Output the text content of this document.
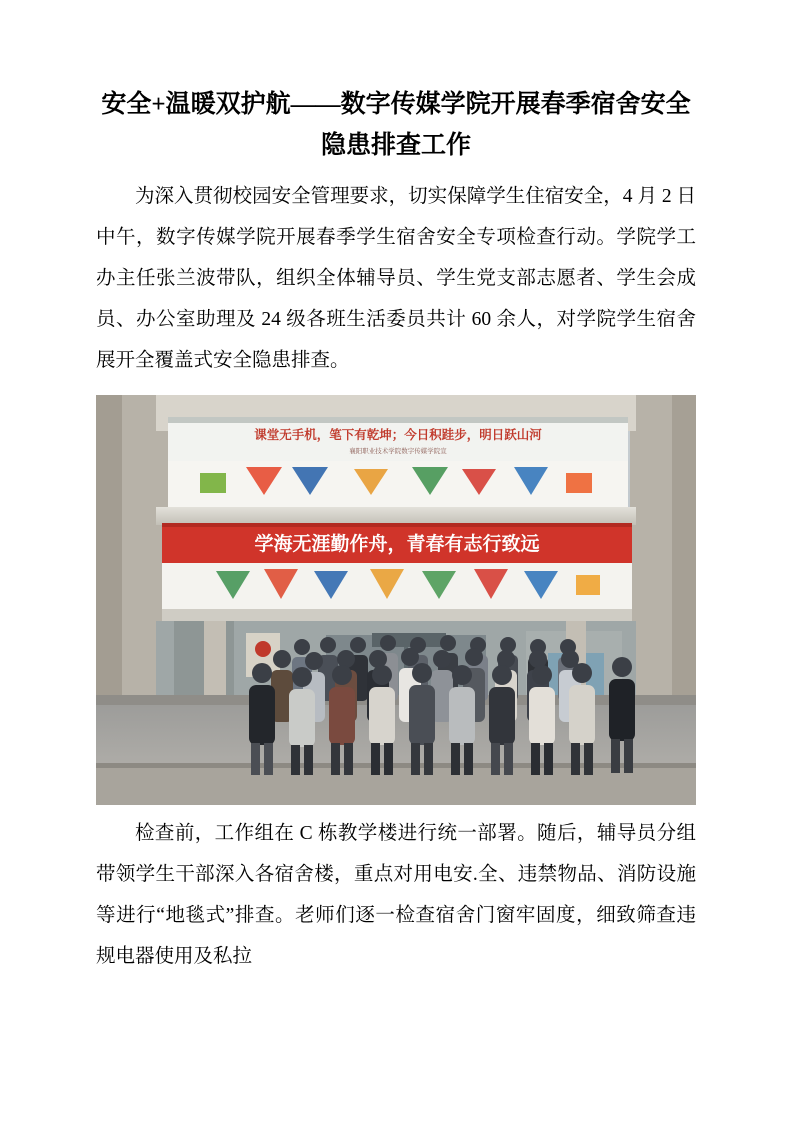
安全+温暖双护航——数字传媒学院开展春季宿舍安全隐患排查工作

为深入贯彻校园安全管理要求，切实保障学生住宿安全，4 月 2 日中午，数字传媒学院开展春季学生宿舍安全专项检查行动。学院学工办主任张兰波带队，组织全体辅导员、学生党支部志愿者、学生会成员、办公室助理及 24 级各班生活委员共计 60 余人，对学院学生宿舍展开全覆盖式安全隐患排查。

课堂无手机，笔下有乾坤；今日积跬步，明日跃山河
襄阳职业技术学院数字传媒学院宣
学海无涯勤作舟，青春有志行致远

检查前，工作组在 C 栋教学楼进行统一部署。随后，辅导员分组带领学生干部深入各宿舍楼，重点对用电安.全、违禁物品、消防设施等进行“地毯式”排查。老师们逐一检查宿舍门窗牢固度，细致筛查违规电器使用及私拉
